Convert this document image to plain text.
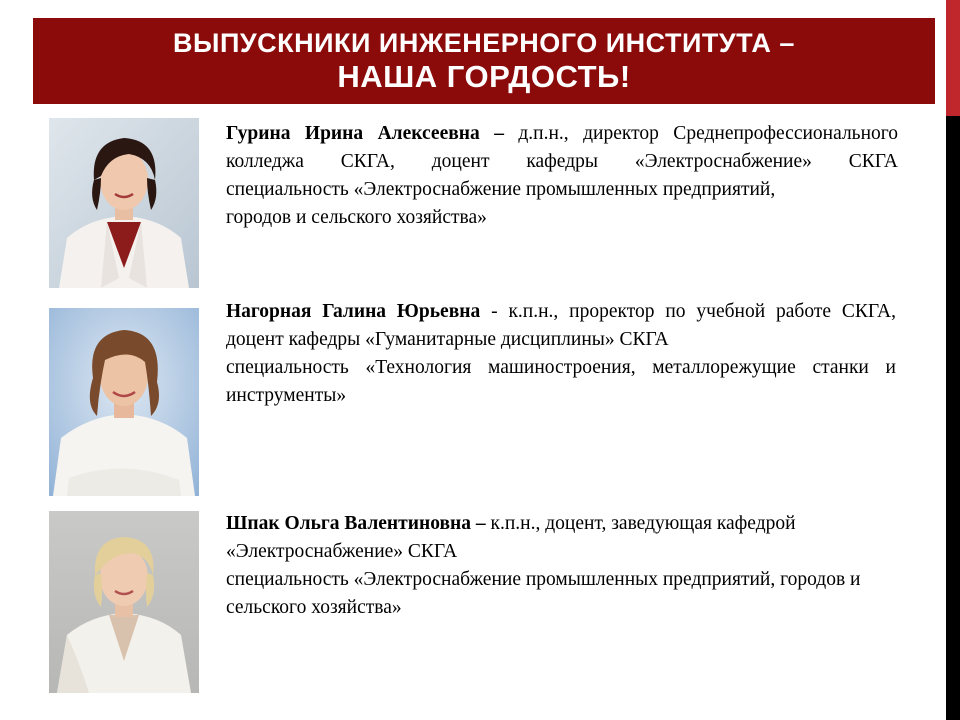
ВЫПУСКНИКИ ИНЖЕНЕРНОГО ИНСТИТУТА –
НАША ГОРДОСТЬ!
Гурина Ирина Алексеевна – д.п.н., директор Среднепрофессионального колледжа СКГА, доцент кафедры «Электроснабжение» СКГА
специальность «Электроснабжение промышленных предприятий, городов и сельского хозяйства»
Нагорная Галина Юрьевна - к.п.н., проректор по учебной работе СКГА, доцент кафедры «Гуманитарные дисциплины» СКГА
специальность «Технология машиностроения, металлорежущие станки и инструменты»
Шпак Ольга Валентиновна – к.п.н., доцент, заведующая кафедрой «Электроснабжение» СКГА
специальность «Электроснабжение промышленных предприятий, городов и сельского хозяйства»
